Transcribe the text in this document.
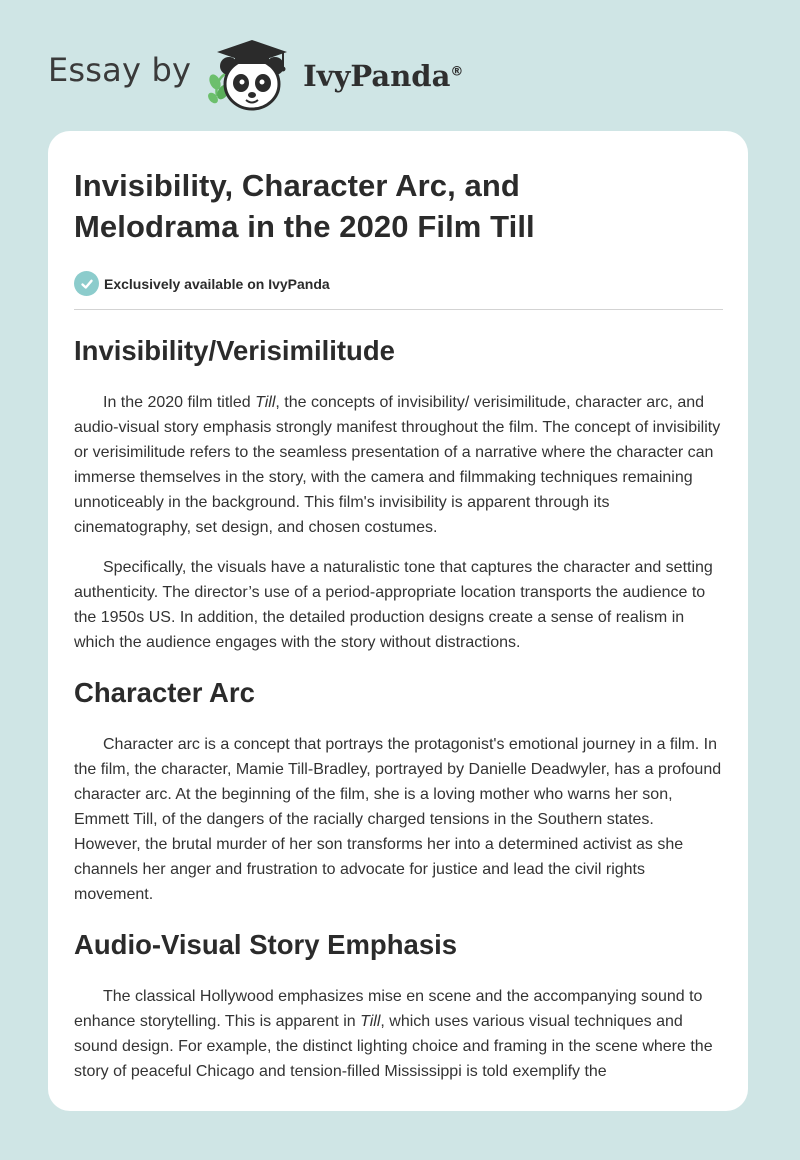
Essay by	IvyPanda®
Invisibility, Character Arc, and Melodrama in the 2020 Film Till
Exclusively available on IvyPanda
Invisibility/Verisimilitude

In the 2020 film titled Till, the concepts of invisibility/ verisimilitude, character arc, and audio-visual story emphasis strongly manifest throughout the film. The concept of invisibility or verisimilitude refers to the seamless presentation of a narrative where the character can immerse themselves in the story, with the camera and filmmaking techniques remaining unnoticeably in the background. This film's invisibility is apparent through its cinematography, set design, and chosen costumes.

Specifically, the visuals have a naturalistic tone that captures the character and setting authenticity. The director’s use of a period-appropriate location transports the audience to the 1950s US. In addition, the detailed production designs create a sense of realism in which the audience engages with the story without distractions.

Character Arc

Character arc is a concept that portrays the protagonist's emotional journey in a film. In the film, the character, Mamie Till-Bradley, portrayed by Danielle Deadwyler, has a profound character arc. At the beginning of the film, she is a loving mother who warns her son, Emmett Till, of the dangers of the racially charged tensions in the Southern states. However, the brutal murder of her son transforms her into a determined activist as she channels her anger and frustration to advocate for justice and lead the civil rights movement.

Audio-Visual Story Emphasis

The classical Hollywood emphasizes mise en scene and the accompanying sound to enhance storytelling. This is apparent in Till, which uses various visual techniques and sound design. For example, the distinct lighting choice and framing in the scene where the story of peaceful Chicago and tension-filled Mississippi is told exemplify the
